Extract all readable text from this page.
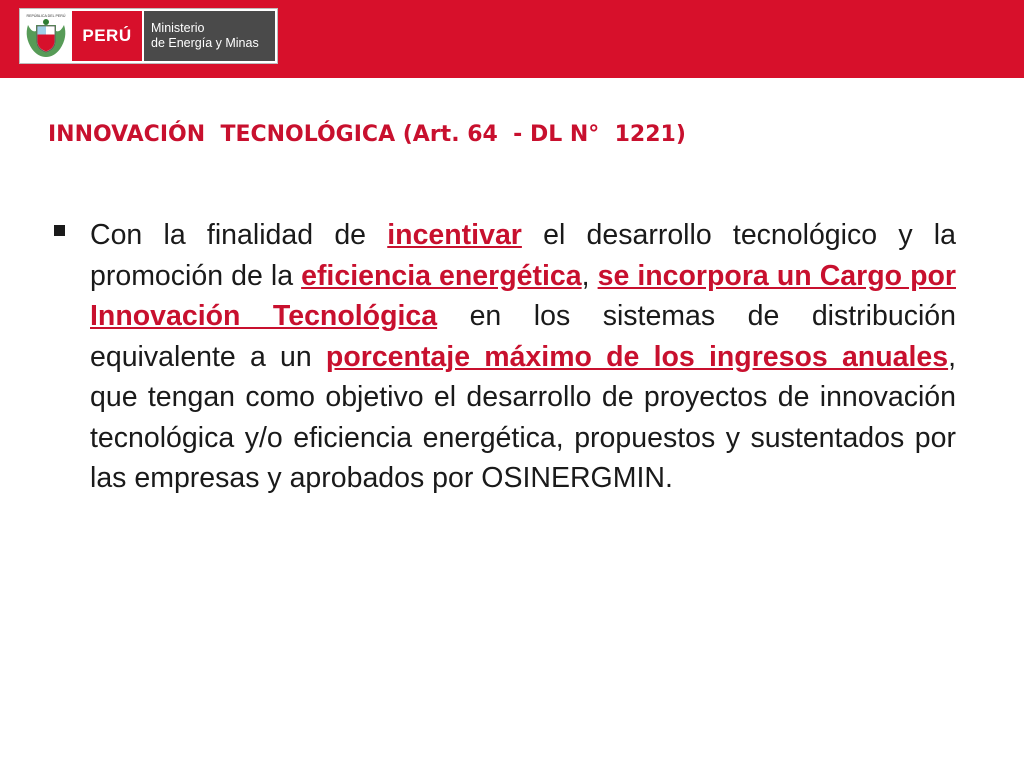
REPÚBLICA DEL PERÚ
PERÚ	Ministerio
de Energía y Minas
INNOVACIÓN  TECNOLÓGICA (Art. 64  - DL N°  1221)

Con la finalidad de incentivar el desarrollo tecnológico y la promoción de la eficiencia energética, se incorpora un Cargo por Innovación Tecnológica en los sistemas de distribución equivalente a un porcentaje máximo de los ingresos anuales, que tengan como objetivo el desarrollo de proyectos de innovación tecnológica y/o eficiencia energética, propuestos y sustentados por las empresas y aprobados por OSINERGMIN.
